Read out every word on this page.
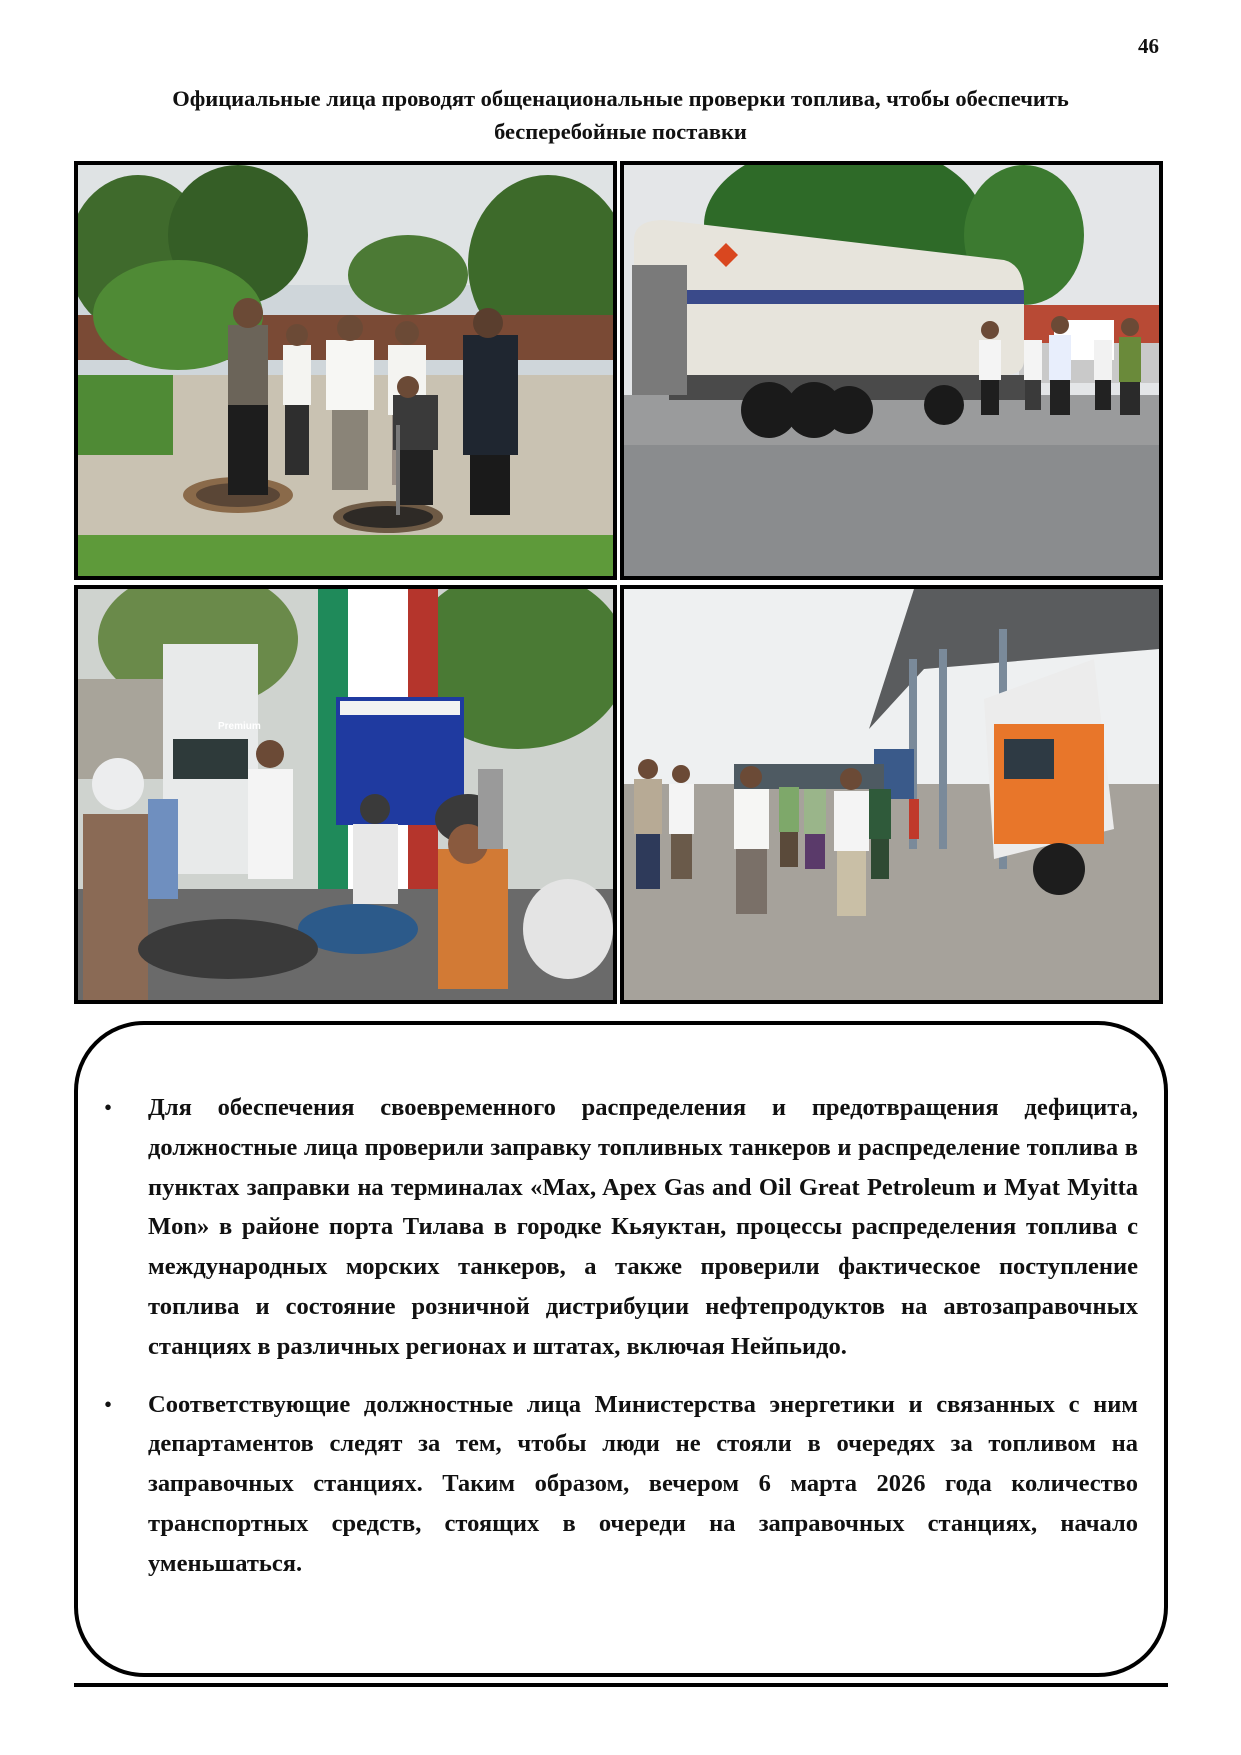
46
Официальные лица проводят общенациональные проверки топлива, чтобы обеспечить
бесперебойные поставки
Premium
• Для обеспечения своевременного распределения и предотвращения дефицита, должностные лица проверили заправку топливных танкеров и распределение топлива в пунктах заправки на терминалах «Max, Apex Gas and Oil Great Petroleum и Myat Myitta Mon» в районе порта Тилава в городке Кьяуктан, процессы распределения топлива с международных морских танкеров, а также проверили фактическое поступление топлива и состояние розничной дистрибуции нефтепродуктов на автозаправочных станциях в различных регионах и штатах, включая Нейпьидо.
• Соответствующие должностные лица Министерства энергетики и связанных с ним департаментов следят за тем, чтобы люди не стояли в очередях за топливом на заправочных станциях. Таким образом, вечером 6 марта 2026 года количество транспортных средств, стоящих в очереди на заправочных станциях, начало уменьшаться.
